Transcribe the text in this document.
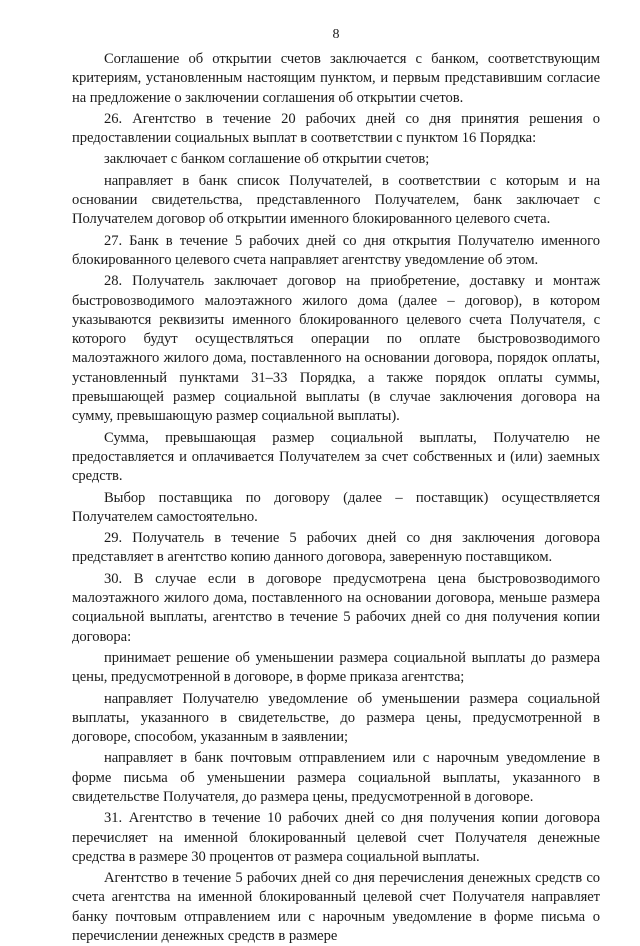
8

Соглашение об открытии счетов заключается с банком, соответствующим критериям, установленным настоящим пунктом, и первым представившим согласие на предложение о заключении соглашения об открытии счетов.

26. Агентство в течение 20 рабочих дней со дня принятия решения о предоставлении социальных выплат в соответствии с пунктом 16 Порядка:

заключает с банком соглашение об открытии счетов;

направляет в банк список Получателей, в соответствии с которым и на основании свидетельства, представленного Получателем, банк заключает с Получателем договор об открытии именного блокированного целевого счета.

27. Банк в течение 5 рабочих дней со дня открытия Получателю именного блокированного целевого счета направляет агентству уведомление об этом.

28. Получатель заключает договор на приобретение, доставку и монтаж быстровозводимого малоэтажного жилого дома (далее – договор), в котором указываются реквизиты именного блокированного целевого счета Получателя, с которого будут осуществляться операции по оплате быстровозводимого малоэтажного жилого дома, поставленного на основании договора, порядок оплаты, установленный пунктами 31–33 Порядка, а также порядок оплаты суммы, превышающей размер социальной выплаты (в случае заключения договора на сумму, превышающую размер социальной выплаты).

Сумма, превышающая размер социальной выплаты, Получателю не предоставляется и оплачивается Получателем за счет собственных и (или) заемных средств.

Выбор поставщика по договору (далее – поставщик) осуществляется Получателем самостоятельно.

29. Получатель в течение 5 рабочих дней со дня заключения договора представляет в агентство копию данного договора, заверенную поставщиком.

30. В случае если в договоре предусмотрена цена быстровозводимого малоэтажного жилого дома, поставленного на основании договора, меньше размера социальной выплаты, агентство в течение 5 рабочих дней со дня получения копии договора:

принимает решение об уменьшении размера социальной выплаты до размера цены, предусмотренной в договоре, в форме приказа агентства;

направляет Получателю уведомление об уменьшении размера социальной выплаты, указанного в свидетельстве, до размера цены, предусмотренной в договоре, способом, указанным в заявлении;

направляет в банк почтовым отправлением или с нарочным уведомление в форме письма об уменьшении размера социальной выплаты, указанного в свидетельстве Получателя, до размера цены, предусмотренной в договоре.

31. Агентство в течение 10 рабочих дней со дня получения копии договора перечисляет на именной блокированный целевой счет Получателя денежные средства в размере 30 процентов от размера социальной выплаты.

Агентство в течение 5 рабочих дней со дня перечисления денежных средств со счета агентства на именной блокированный целевой счет Получателя направляет банку почтовым отправлением или с нарочным уведомление в форме письма о перечислении денежных средств в размере
